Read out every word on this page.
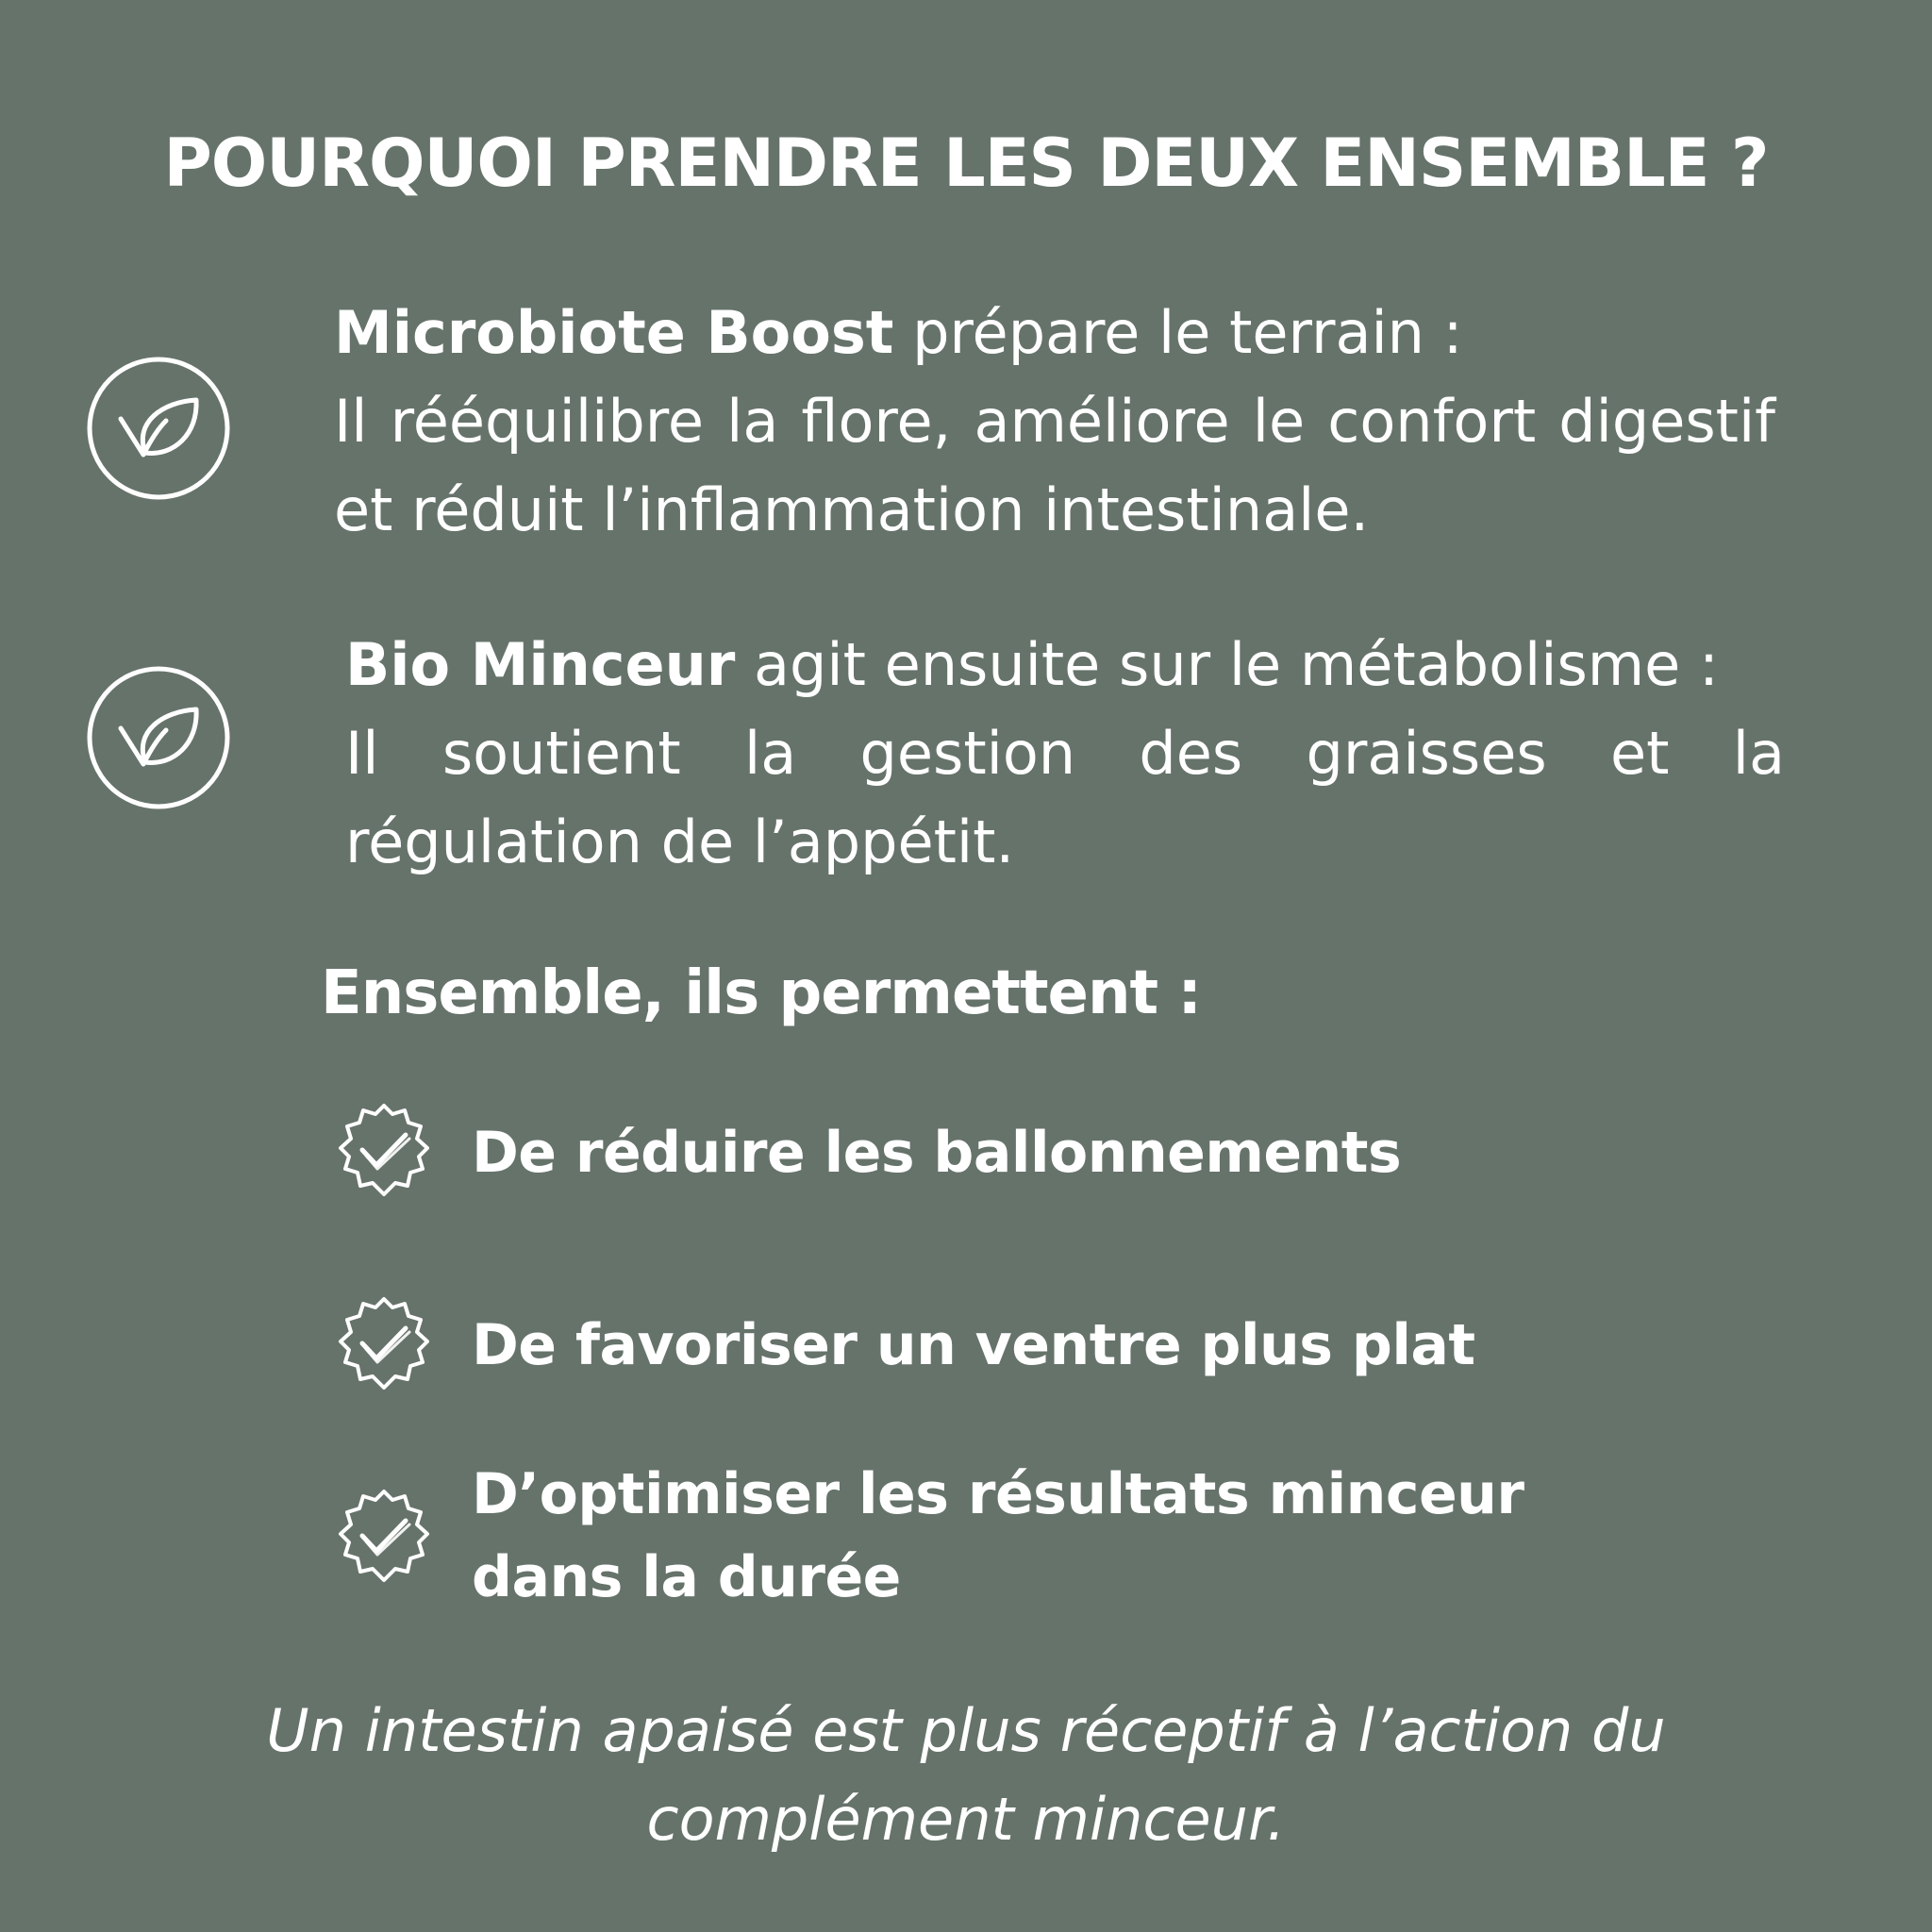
POURQUOI PRENDRE LES DEUX ENSEMBLE ?
Microbiote Boost prépare le terrain :
Il rééquilibre la flore, améliore le confort digestif et réduit l’inflammation intestinale.
Bio Minceur agit ensuite sur le métabolisme :
Il soutient la gestion des graisses et la régulation de l’appétit.
Ensemble, ils permettent :
De réduire les ballonnements
De favoriser un ventre plus plat
D’optimiser les résultats minceur
dans la durée
Un intestin apaisé est plus réceptif à l’action du complément minceur.
